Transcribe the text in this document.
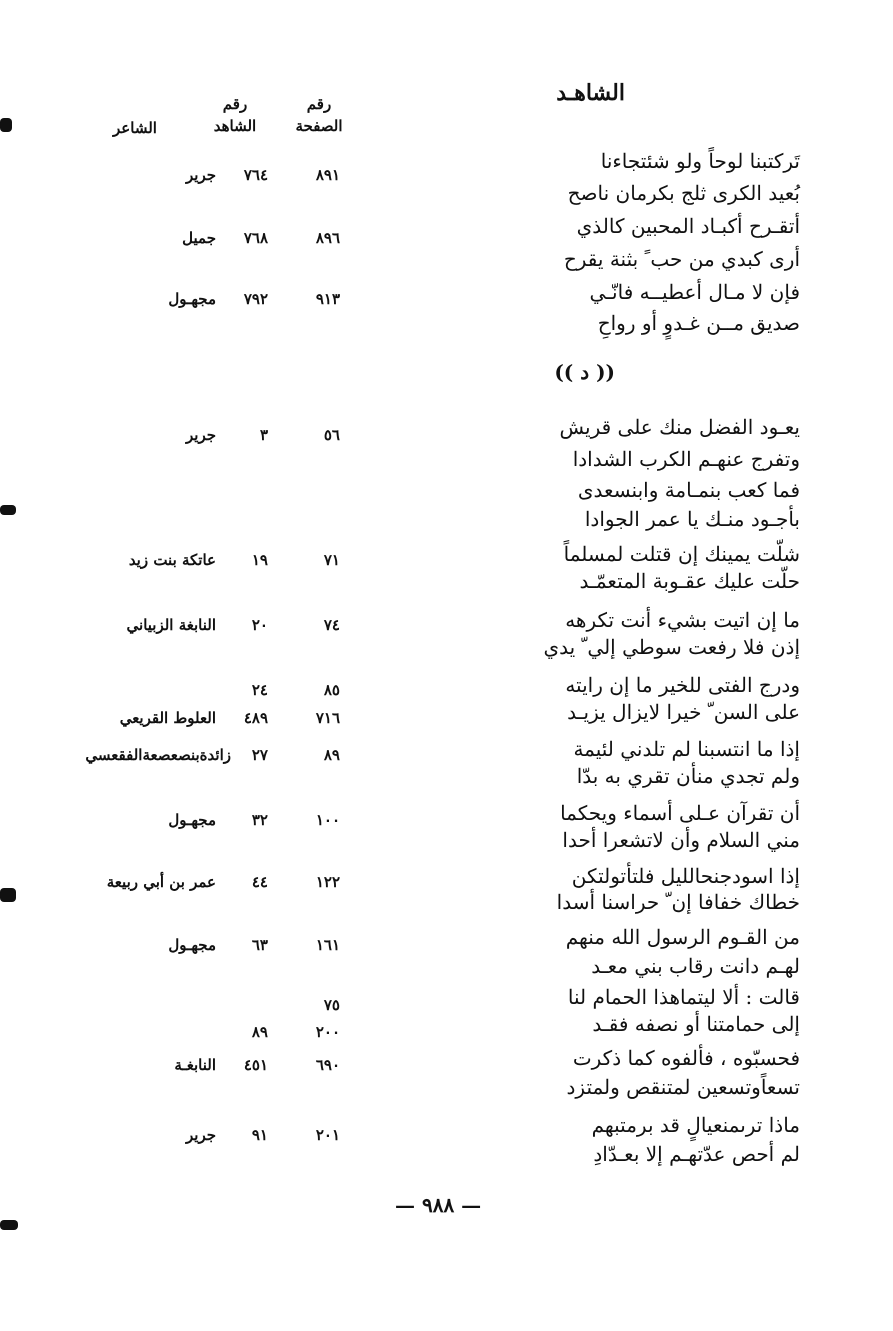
الشاهـد
رقم
الصفحة
رقم
الشاهد
الشاعر
تَركتبنا لوحاً ولو شئتجاءنا
بُعيد الكرى ثلج بكرمان ناصح
٨٩١
٧٦٤
جرير
أتقـرح أكبـاد المحبين كالذي
أرى كبدي من حب ً بثنة يقرح
٨٩٦
٧٦٨
جميل
فإن لا مـال أعطيــه فانّـي
صديق مــن غـدوٍ أو رواحِ
٩١٣
٧٩٢
مجهـول
(( د ))
يعـود الفضل منك على قريش
وتفرج عنهـم الكرب الشدادا
٥٦
٣
جرير
فما كعب بنمـامة وابنسعدى
بأجـود منـك يا عمر الجوادا
شلّت يمينك إن قتلت لمسلماً
حلّت عليك عقـوبة المتعمّـد
٧١
١٩
عاتكة بنت زيد
ما إن اتيت بشيء أنت تكرهه
إذن فلا رفعت سوطي إلي ّ يدي
٧٤
٢٠
النابغة الزبياني
ودرج الفتى للخير ما إن رايته
على السن ّ خيرا لايزال يزيـد
٨٥
٢٤
٧١٦
٤٨٩
العلوط القريعي
إذا ما انتسبنا لم تلدني لئيمة
ولم تجدي منأن تقري به بدّا
٨٩
٢٧
زائدةبنصعصعةالفقعسي
أن تقرآن عـلى أسماء ويحكما
مني السلام وأن لاتشعرا أحدا
١٠٠
٣٢
مجهـول
إذا اسودجنحالليل فلتأتولتكن
خطاك خفافا إن ّ حراسنا أسدا
١٢٢
٤٤
عمر بن أبي ربيعة
من القـوم الرسول الله منهم
لهـم دانت رقاب بني معـد
١٦١
٦٣
مجهـول
قالت : ألا ليتماهذا الحمام لنا
إلى حمامتنا أو نصفه فقـد
٧٥
٢٠٠
٨٩
فحسبّوه ، فألفوه كما ذكرت
تسعاًوتسعين لمتنقص ولمتزد
٦٩٠
٤٥١
النابغـة
ماذا ترىمنعيالٍ قد برمتبهم
لم أحص عدّتهـم إلا بعـدّادِ
٢٠١
٩١
جرير
— ٩٨٨ —
